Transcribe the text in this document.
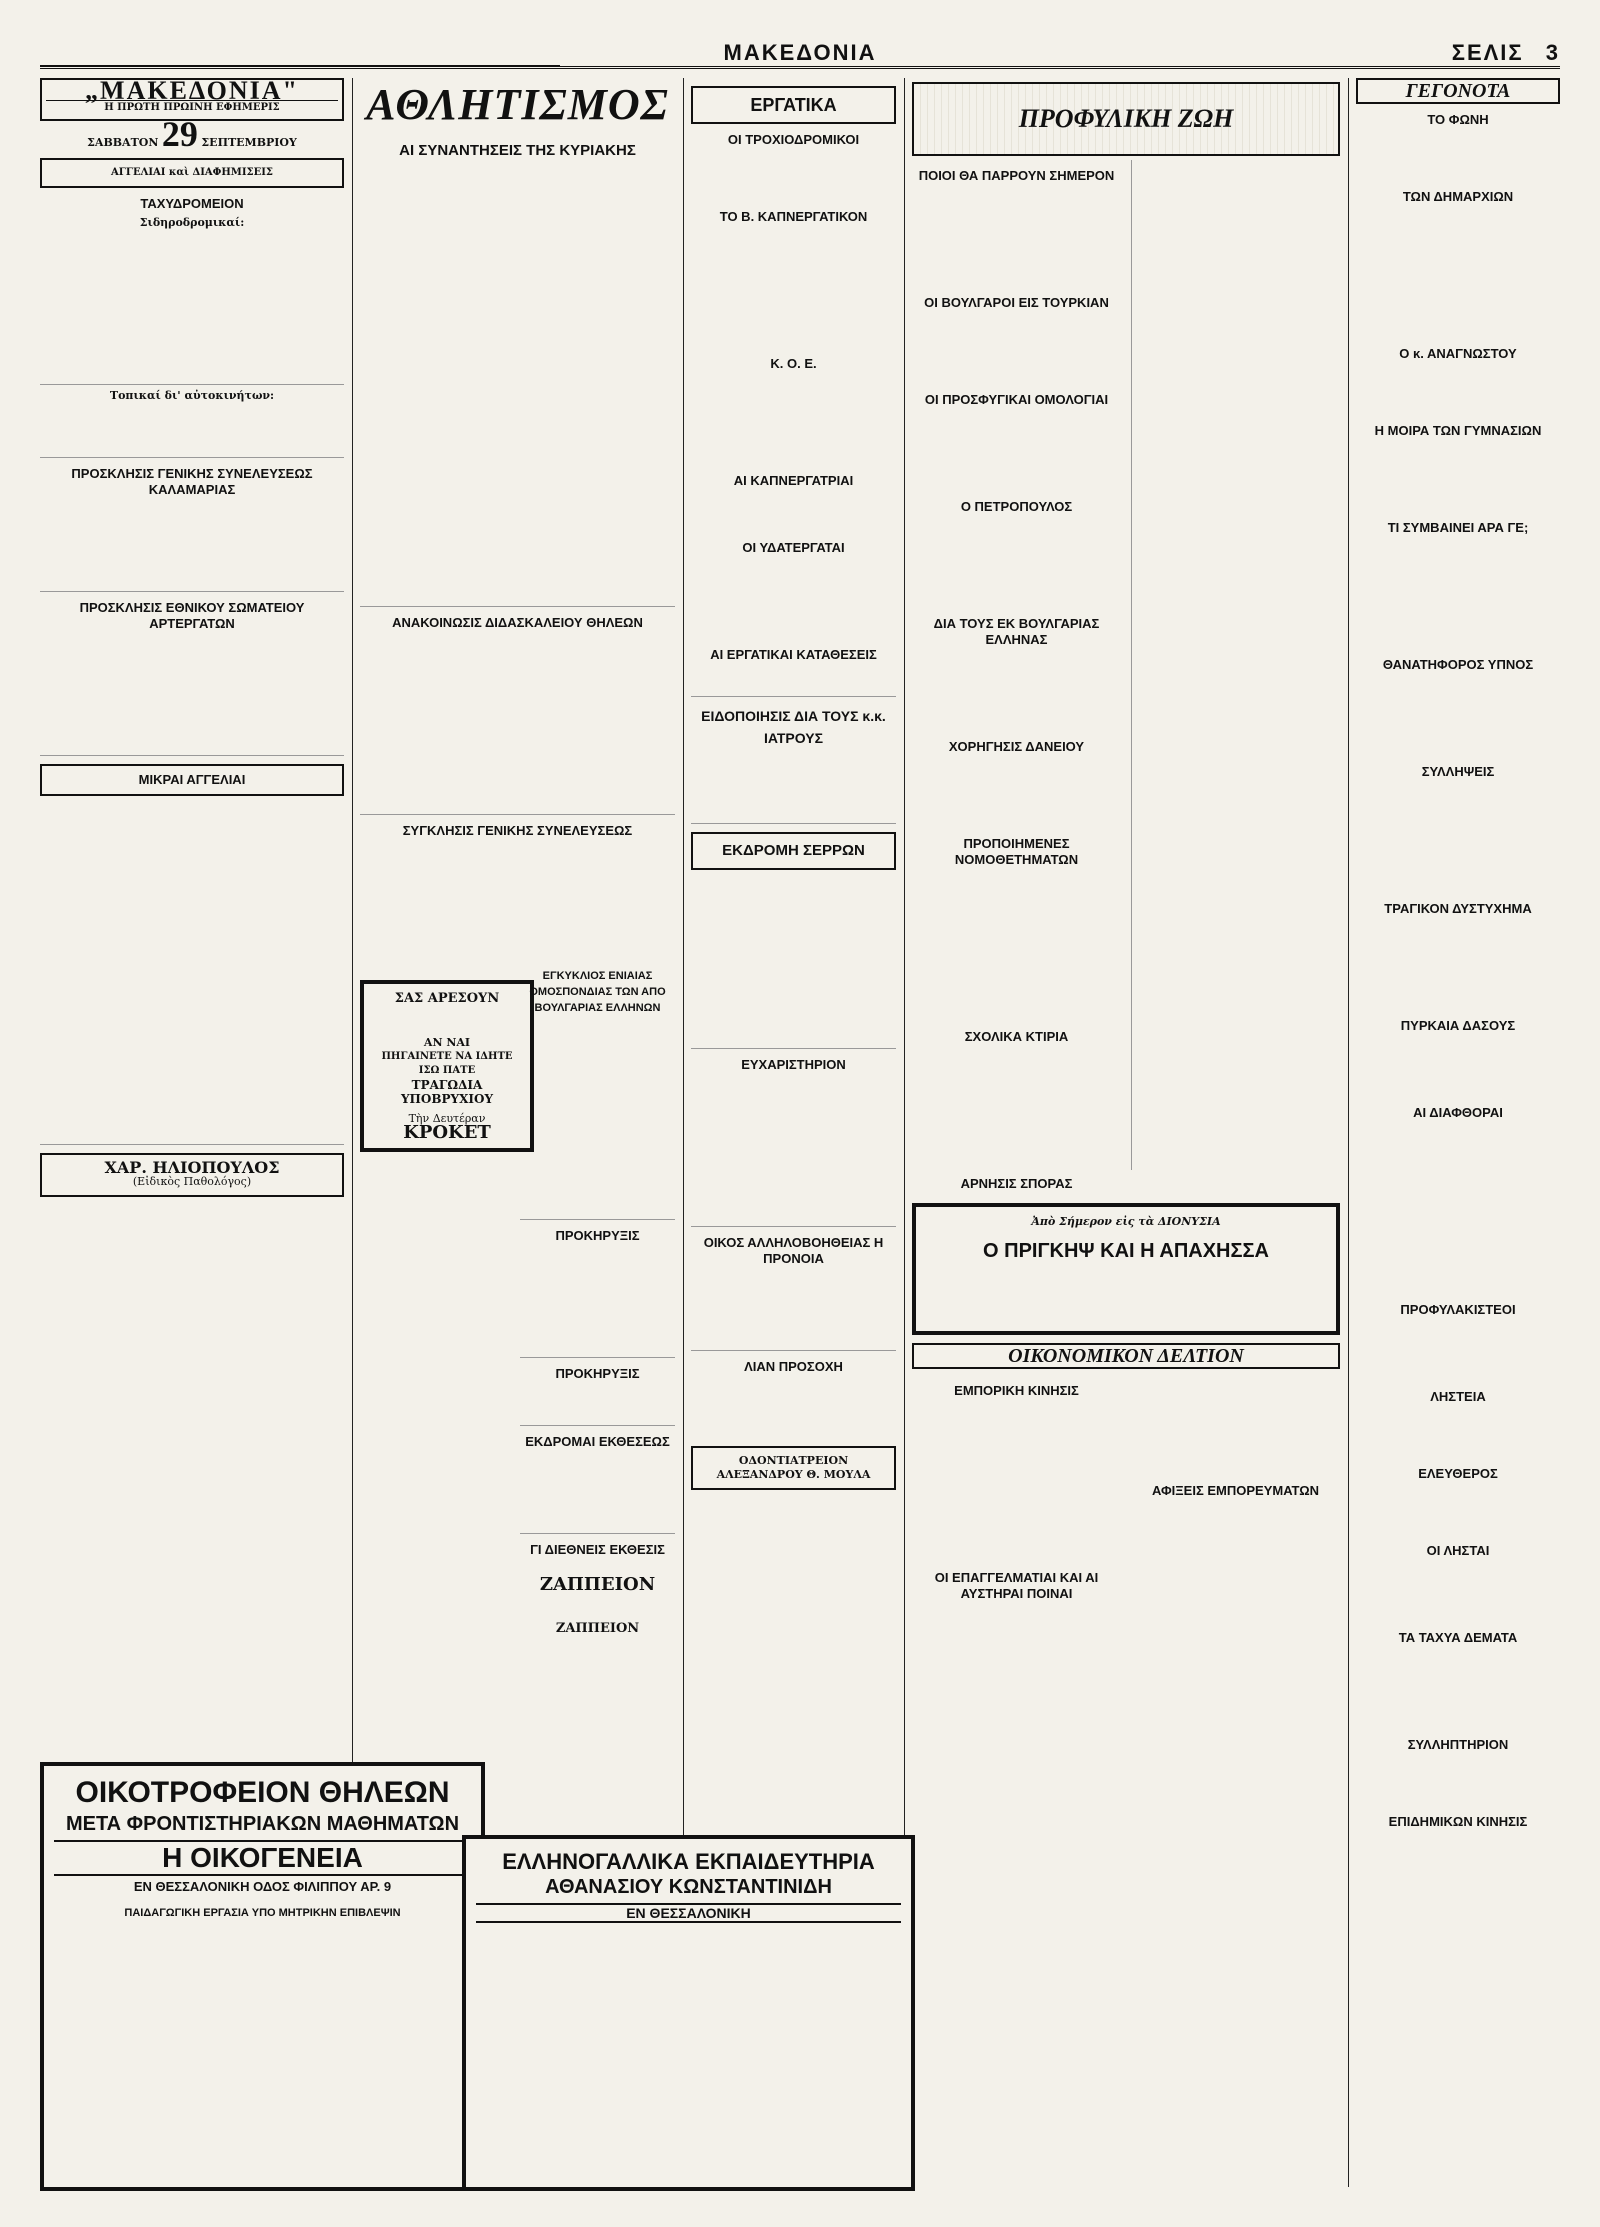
ΜΑΚΕΔΟΝΙΑ	ΣΕΛΙΣ 3
„ΜΑΚΕΔΟΝΙΑ"
Η ΠΡΩΤΗ ΠΡΩΙΝΗ ΕΦΗΜΕΡΙΣ
ΣΑΒΒΑΤΟΝ 29 ΣΕΠΤΕΜΒΡΙΟΥ
ΑΓΓΕΛΙΑΙ καὶ ΔΙΑΦΗΜΙΣΕΙΣ
ΤΑΧΥΔΡΟΜΕΙΟΝ
Σιδηροδρομικαί:
Τοπικαί δι' αὐτοκινήτων:
ΠΡΟΣΚΛΗΣΙΣ ΓΕΝΙΚΗΣ ΣΥΝΕΛΕΥΣΕΩΣ ΚΑΛΑΜΑΡΙΑΣ
ΠΡΟΣΚΛΗΣΙΣ ΕΘΝΙΚΟΥ ΣΩΜΑΤΕΙΟΥ ΑΡΤΕΡΓΑΤΩΝ
ΜΙΚΡΑΙ ΑΓΓΕΛΙΑΙ
ΧΑΡ. ΗΛΙΟΠΟΥΛΟΣ
(Εἰδικὸς Παθολόγος)
ΑΘΛΗΤΙΣΜΟΣ
ΑΙ ΣΥΝΑΝΤΗΣΕΙΣ ΤΗΣ ΚΥΡΙΑΚΗΣ
ΑΝΑΚΟΙΝΩΣΙΣ ΔΙΔΑΣΚΑΛΕΙΟΥ ΘΗΛΕΩΝ
ΣΥΓΚΛΗΣΙΣ ΓΕΝΙΚΗΣ ΣΥΝΕΛΕΥΣΕΩΣ
ΣΑΣ ΑΡΕΣΟΥΝ
ΑΝ ΝΑΙ
ΠΗΓΑΙΝΕΤΕ ΝΑ ΙΔΗΤΕ ΙΣΩ ΠΑΤΕ
ΤΡΑΓΩΔΙΑ ΥΠΟΒΡΥΧΙΟΥ
Τὴν Δευτέραν
ΚΡΟΚΕΤ
ΕΓΚΥΚΛΙΟΣ ΕΝΙΑΙΑΣ ΟΜΟΣΠΟΝΔΙΑΣ ΤΩΝ ΑΠΟ ΒΟΥΛΓΑΡΙΑΣ ΕΛΛΗΝΩΝ
ΠΡΟΚΗΡΥΞΙΣ
ΠΡΟΚΗΡΥΞΙΣ
ΕΚΔΡΟΜΑΙ ΕΚΘΕΣΕΩΣ
ΓΙ ΔΙΕΘΝΕΙΣ ΕΚΘΕΣΙΣ
ΖΑΠΠΕΙΟΝ
ΖΑΠΠΕΙΟΝ
ΕΡΓΑΤΙΚΑ
ΟΙ ΤΡΟΧΙΟΔΡΟΜΙΚΟΙ
ΤΟ Β. ΚΑΠΝΕΡΓΑΤΙΚΟΝ
Κ. Ο. Ε.
ΑΙ ΚΑΠΝΕΡΓΑΤΡΙΑΙ
ΟΙ ΥΔΑΤΕΡΓΑΤΑΙ
ΑΙ ΕΡΓΑΤΙΚΑΙ ΚΑΤΑΘΕΣΕΙΣ
ΕΙΔΟΠΟΙΗΣΙΣ ΔΙΑ ΤΟΥΣ κ.κ. ΙΑΤΡΟΥΣ
ΕΚΔΡΟΜΗ ΣΕΡΡΩΝ
ΕΥΧΑΡΙΣΤΗΡΙΟΝ
ΟΙΚΟΣ ΑΛΛΗΛΟΒΟΗΘΕΙΑΣ Η ΠΡΟΝΟΙΑ
ΛΙΑΝ ΠΡΟΣΟΧΗ
ΟΔΟΝΤΙΑΤΡΕΙΟΝ
ΑΛΕΞΑΝΔΡΟΥ Θ. ΜΟΥΛΑ
ΠΡΟΦΥΛΙΚΗ ΖΩΗ
ΠΟΙΟΙ ΘΑ ΠΑΡΡΟΥΝ ΣΗΜΕΡΟΝ
ΟΙ ΒΟΥΛΓΑΡΟΙ ΕΙΣ ΤΟΥΡΚΙΑΝ
ΟΙ ΠΡΟΣΦΥΓΙΚΑΙ ΟΜΟΛΟΓΙΑΙ
Ο ΠΕΤΡΟΠΟΥΛΟΣ
ΔΙΑ ΤΟΥΣ ΕΚ ΒΟΥΛΓΑΡΙΑΣ ΕΛΛΗΝΑΣ
ΧΟΡΗΓΗΣΙΣ ΔΑΝΕΙΟΥ
ΠΡΟΠΟΙΗΜΕΝΕΣ ΝΟΜΟΘΕΤΗΜΑΤΩΝ
ΣΧΟΛΙΚΑ ΚΤΙΡΙΑ
ΑΡΝΗΣΙΣ ΣΠΟΡΑΣ
Ἀπὸ Σήμερον εἰς τὰ ΔΙΟΝΥΣΙΑ
Ο ΠΡΙΓΚΗΨ ΚΑΙ Η ΑΠΑΧΗΣΣΑ
ΟΙΚΟΝΟΜΙΚΟΝ ΔΕΛΤΙΟΝ
ΕΜΠΟΡΙΚΗ ΚΙΝΗΣΙΣ
ΟΙ ΕΠΑΓΓΕΛΜΑΤΙΑΙ ΚΑΙ ΑΙ ΑΥΣΤΗΡΑΙ ΠΟΙΝΑΙ
ΑΦΙΞΕΙΣ ΕΜΠΟΡΕΥΜΑΤΩΝ
ΓΕΓΟΝΟΤΑ
ΤΟ ΦΩΝΗ
ΤΩΝ ΔΗΜΑΡΧΙΩΝ
Ο κ. ΑΝΑΓΝΩΣΤΟΥ
Η ΜΟΙΡΑ ΤΩΝ ΓΥΜΝΑΣΙΩΝ
ΤΙ ΣΥΜΒΑΙΝΕΙ ΑΡΑ ΓΕ;
ΘΑΝΑΤΗΦΟΡΟΣ ΥΠΝΟΣ
ΣΥΛΛΗΨΕΙΣ
ΤΡΑΓΙΚΟΝ ΔΥΣΤΥΧΗΜΑ
ΠΥΡΚΑΙΑ ΔΑΣΟΥΣ
ΑΙ ΔΙΑΦΘΟΡΑΙ
ΠΡΟΦΥΛΑΚΙΣΤΕΟΙ
ΛΗΣΤΕΙΑ
ΕΛΕΥΘΕΡΟΣ
ΟΙ ΛΗΣΤΑΙ
ΤΑ ΤΑΧΥΑ ΔΕΜΑΤΑ
ΣΥΛΛΗΠΤΗΡΙΟΝ
ΕΠΙΔΗΜΙΚΩΝ ΚΙΝΗΣΙΣ
ΟΙΚΟΤΡΟΦΕΙΟΝ ΘΗΛΕΩΝ
ΜΕΤΑ ΦΡΟΝΤΙΣΤΗΡΙΑΚΩΝ ΜΑΘΗΜΑΤΩΝ
Η ΟΙΚΟΓΕΝΕΙΑ
ΕΝ ΘΕΣΣΑΛΟΝΙΚΗ ΟΔΟΣ ΦΙΛΙΠΠΟΥ ΑΡ. 9
ΠΑΙΔΑΓΩΓΙΚΗ ΕΡΓΑΣΙΑ ΥΠΟ ΜΗΤΡΙΚΗΝ ΕΠΙΒΛΕΨΙΝ
ΕΛΛΗΝΟΓΑΛΛΙΚΑ ΕΚΠΑΙΔΕΥΤΗΡΙΑ
ΑΘΑΝΑΣΙΟΥ ΚΩΝΣΤΑΝΤΙΝΙΔΗ
ΕΝ ΘΕΣΣΑΛΟΝΙΚΗ
